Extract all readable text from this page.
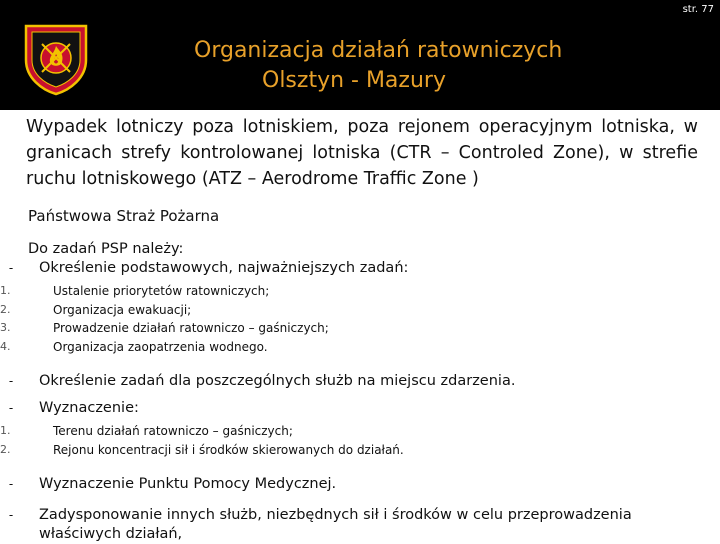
str. 77
Organizacja działań ratowniczych
Olsztyn - Mazury

Wypadek lotniczy poza lotniskiem, poza rejonem operacyjnym lotniska, w granicach strefy kontrolowanej lotniska (CTR – Controled Zone), w strefie ruchu lotniskowego (ATZ – Aerodrome Traffic Zone )

Państwowa Straż Pożarna
Do zadań PSP należy:
-	Określenie podstawowych, najważniejszych zadań:
1.	Ustalenie priorytetów ratowniczych;
2.	Organizacja ewakuacji;
3.	Prowadzenie działań ratowniczo – gaśniczych;
4.	Organizacja zaopatrzenia wodnego.
-	Określenie zadań dla poszczególnych służb na miejscu zdarzenia.
-	Wyznaczenie:
1.	Terenu działań ratowniczo – gaśniczych;
2.	Rejonu koncentracji sił i środków skierowanych do działań.
-	Wyznaczenie Punktu Pomocy Medycznej.
-	Zadysponowanie innych służb, niezbędnych sił i środków w celu przeprowadzenia właściwych działań,
